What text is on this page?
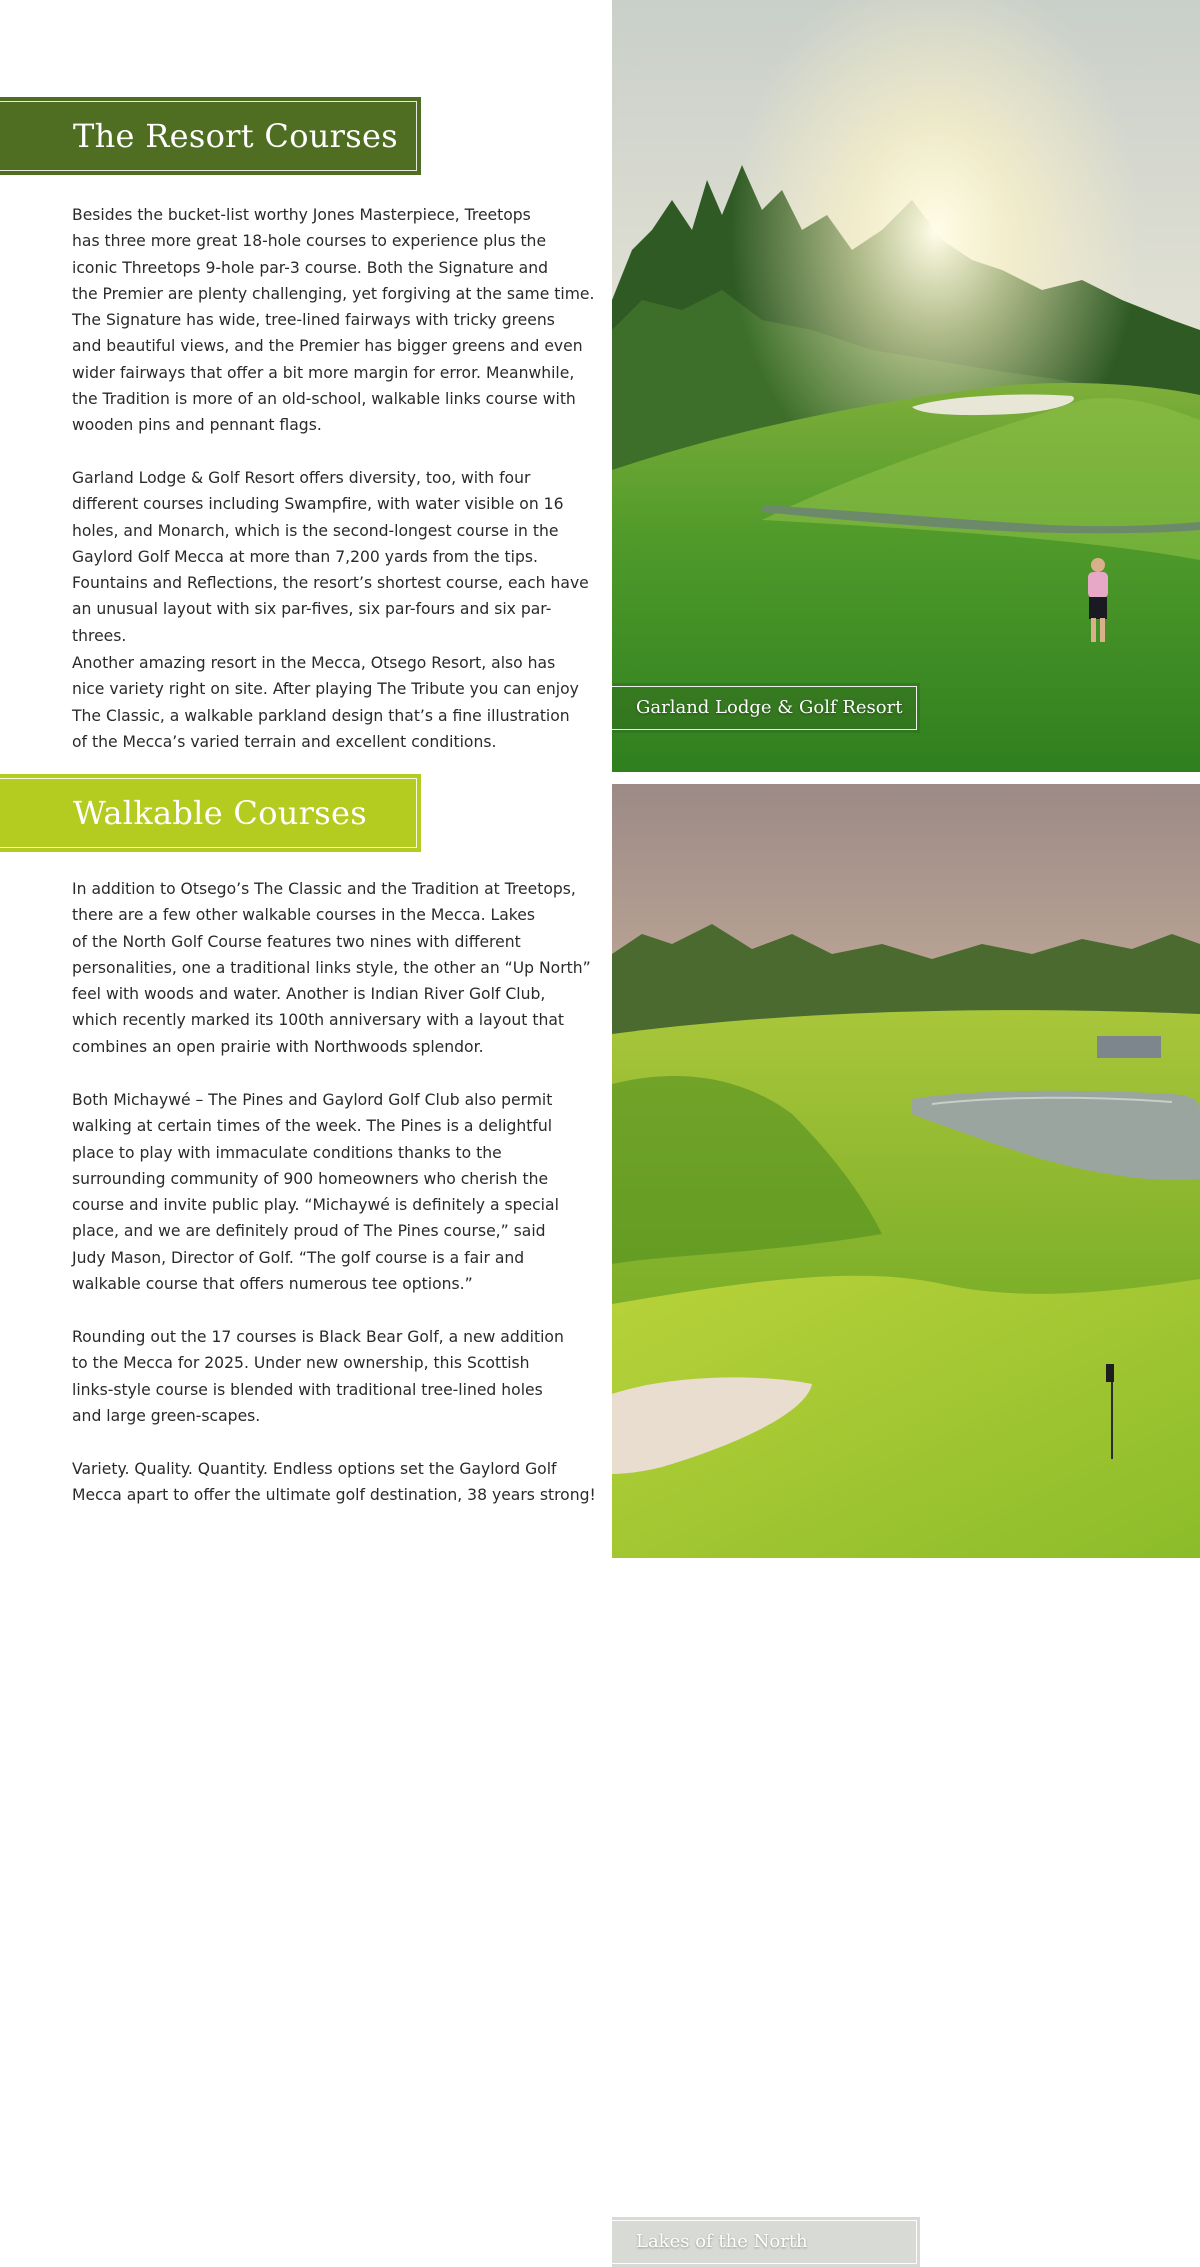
The Resort Courses

Besides the bucket-list worthy Jones Masterpiece, Treetops
has three more great 18-hole courses to experience plus the
iconic Threetops 9-hole par-3 course. Both the Signature and
the Premier are plenty challenging, yet forgiving at the same time.
The Signature has wide, tree-lined fairways with tricky greens
and beautiful views, and the Premier has bigger greens and even
wider fairways that offer a bit more margin for error. Meanwhile,
the Tradition is more of an old-school, walkable links course with
wooden pins and pennant flags.

Garland Lodge & Golf Resort offers diversity, too, with four
different courses including Swampfire, with water visible on 16
holes, and Monarch, which is the second-longest course in the
Gaylord Golf Mecca at more than 7,200 yards from the tips.
Fountains and Reflections, the resort’s shortest course, each have
an unusual layout with six par-fives, six par-fours and six par-threes.

Another amazing resort in the Mecca, Otsego Resort, also has
nice variety right on site. After playing The Tribute you can enjoy
The Classic, a walkable parkland design that’s a fine illustration
of the Mecca’s varied terrain and excellent conditions.

Walkable Courses

In addition to Otsego’s The Classic and the Tradition at Treetops,
there are a few other walkable courses in the Mecca. Lakes
of the North Golf Course features two nines with different
personalities, one a traditional links style, the other an “Up North”
feel with woods and water. Another is Indian River Golf Club,
which recently marked its 100th anniversary with a layout that
combines an open prairie with Northwoods splendor.

Both Michaywé – The Pines and Gaylord Golf Club also permit
walking at certain times of the week. The Pines is a delightful
place to play with immaculate conditions thanks to the
surrounding community of 900 homeowners who cherish the
course and invite public play. “Michaywé is definitely a special
place, and we are definitely proud of The Pines course,” said
Judy Mason, Director of Golf. “The golf course is a fair and
walkable course that offers numerous tee options.”

Rounding out the 17 courses is Black Bear Golf, a new addition
to the Mecca for 2025. Under new ownership, this Scottish
links-style course is blended with traditional tree-lined holes
and large green-scapes.

Variety. Quality. Quantity. Endless options set the Gaylord Golf
Mecca apart to offer the ultimate golf destination, 38 years strong!

Garland Lodge & Golf Resort
Lakes of the North
